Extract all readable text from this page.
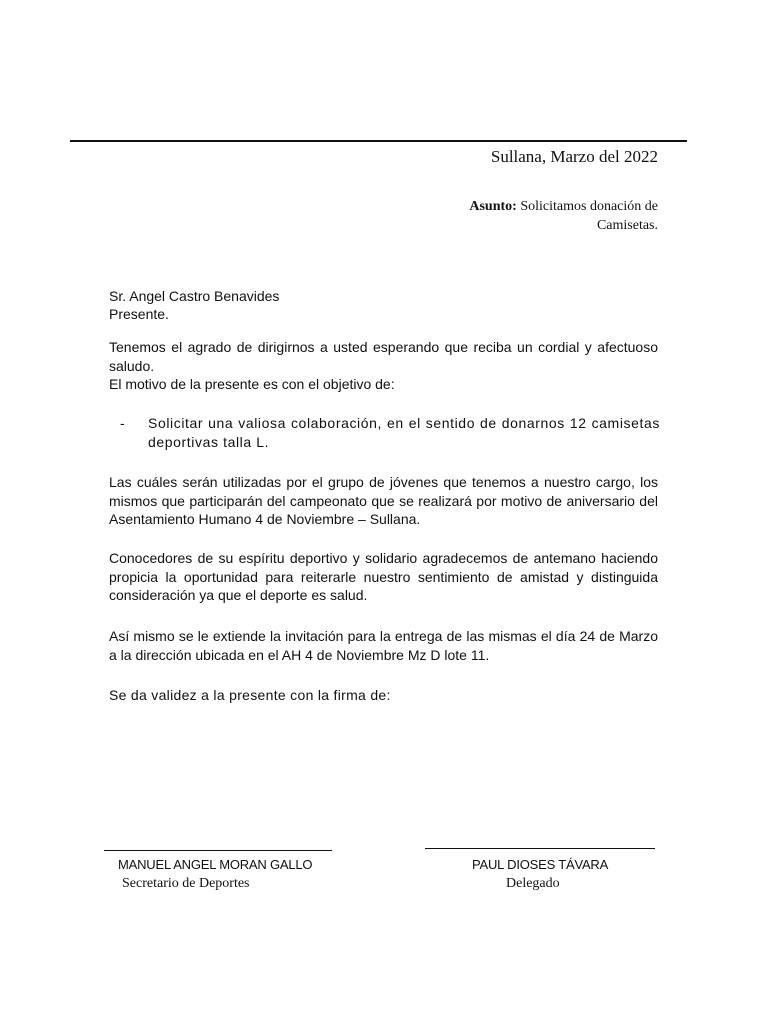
Sullana, Marzo del 2022
Asunto: Solicitamos donación de
Camisetas.
Sr. Angel Castro Benavides
Presente.
Tenemos el agrado de dirigirnos a usted esperando que reciba un cordial y afectuoso saludo.
El motivo de la presente es con el objetivo de:
- Solicitar una valiosa colaboración, en el sentido de donarnos 12 camisetas deportivas talla L.
Las cuáles serán utilizadas por el grupo de jóvenes que tenemos a nuestro cargo, los mismos que participarán del campeonato que se realizará por motivo de aniversario del Asentamiento Humano 4 de Noviembre – Sullana.
Conocedores de su espíritu deportivo y solidario agradecemos de antemano haciendo propicia la oportunidad para reiterarle nuestro sentimiento de amistad y distinguida consideración ya que el deporte es salud.
Así mismo se le extiende la invitación para la entrega de las mismas el día 24 de Marzo a la dirección ubicada en el AH 4 de Noviembre Mz D lote 11.
Se da validez a la presente con la firma de:
MANUEL ANGEL MORAN GALLO
Secretario de Deportes
PAUL DIOSES TÁVARA
Delegado
